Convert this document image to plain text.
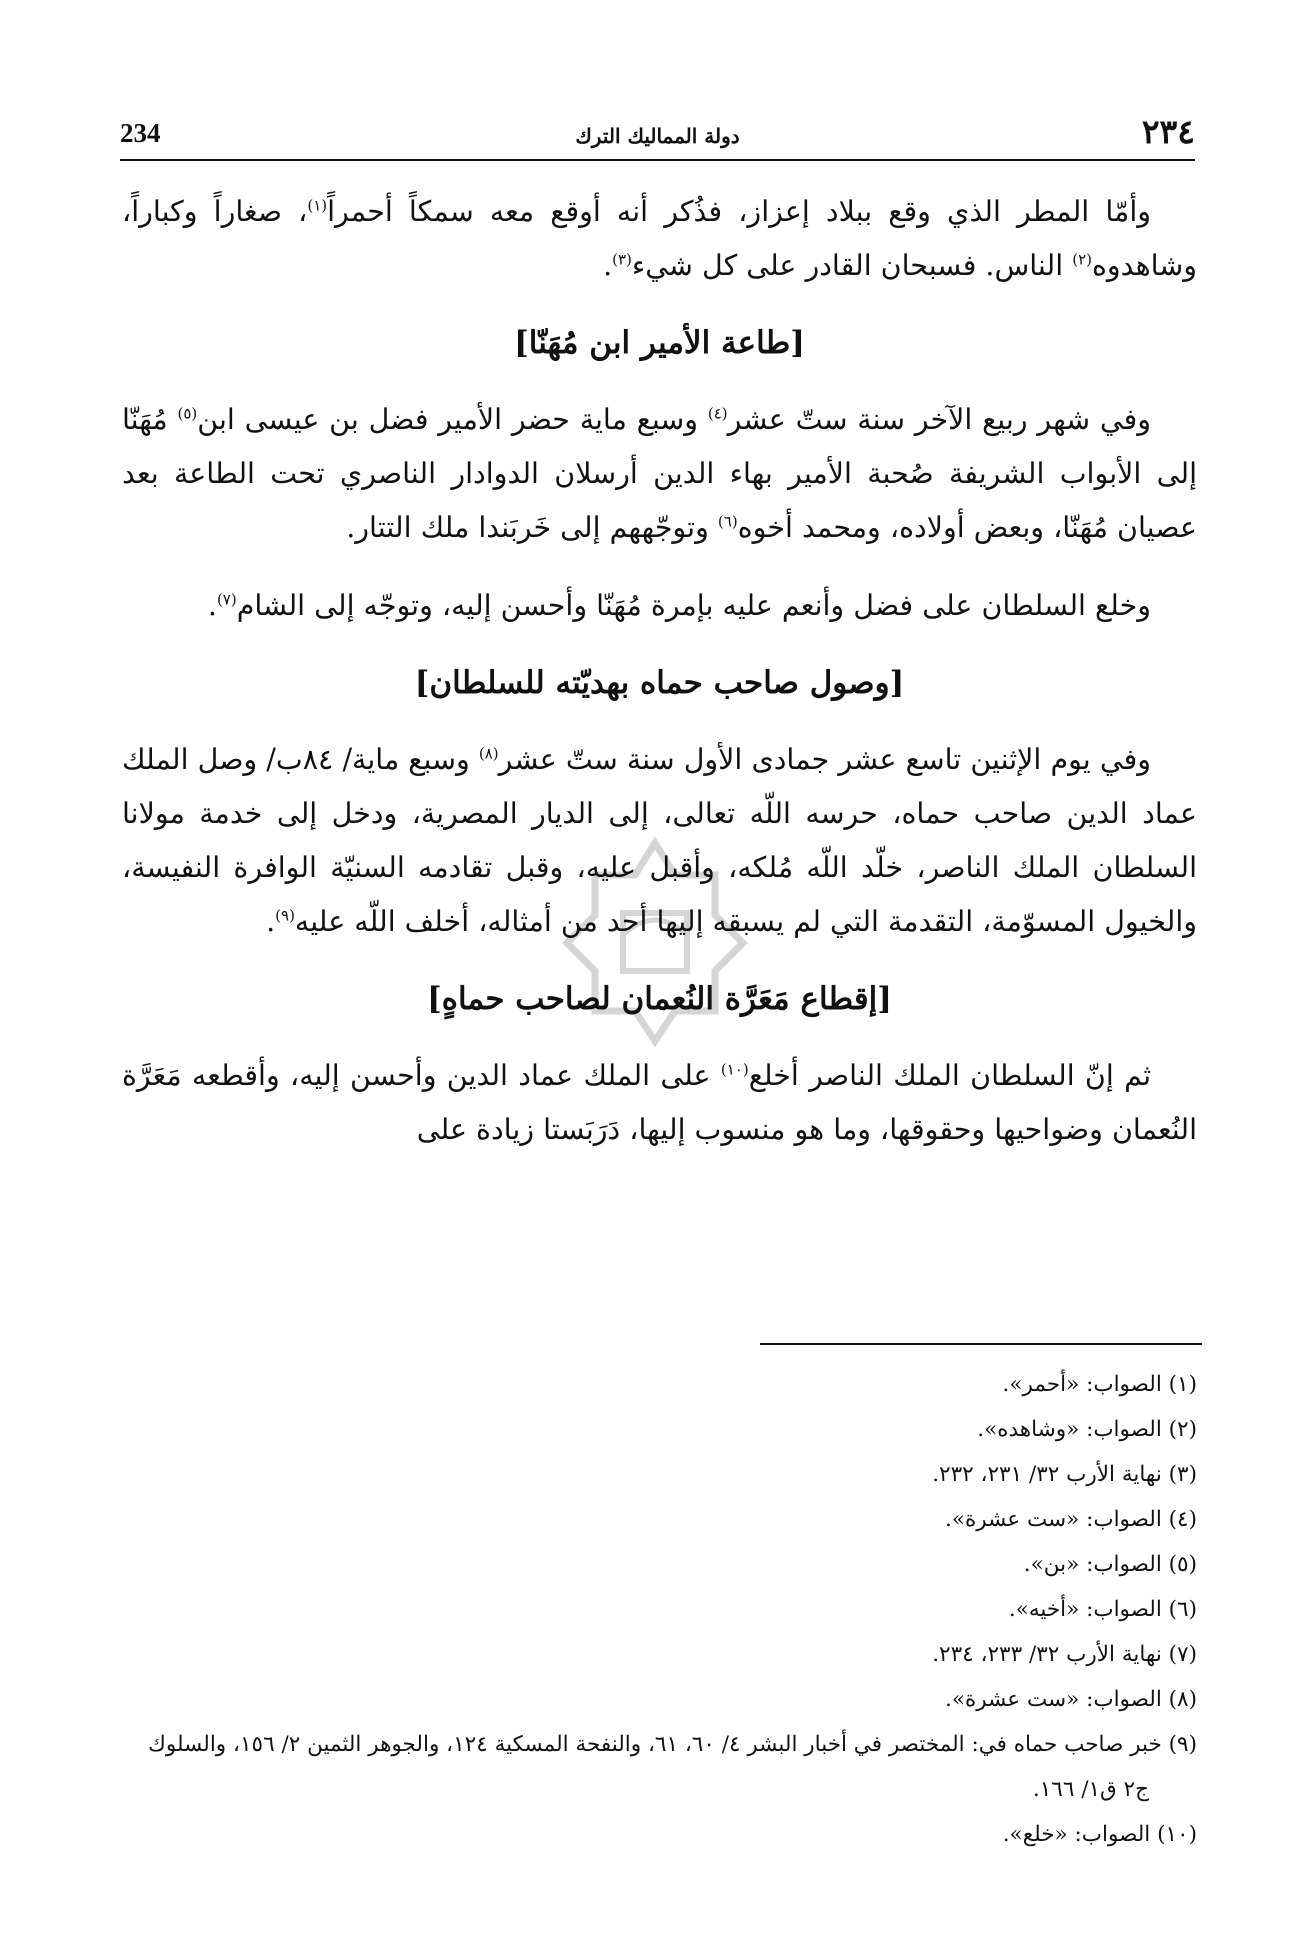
234	دولة المماليك الترك	٢٣٤

وأمّا المطر الذي وقع ببلاد إعزاز، فذُكر أنه أوقع معه سمكاً أحمراً$^{(١)}$، صغاراً وكباراً، وشاهدوه$^{(٢)}$ الناس. فسبحان القادر على كل شيء$^{(٣)}$.

[طاعة الأمير ابن مُهَنّا]

وفي شهر ربيع الآخر سنة ستّ عشر$^{(٤)}$ وسبع ماية حضر الأمير فضل بن عيسى ابن$^{(٥)}$ مُهَنّا إلى الأبواب الشريفة صُحبة الأمير بهاء الدين أرسلان الدوادار الناصري تحت الطاعة بعد عصيان مُهَنّا، وبعض أولاده، ومحمد أخوه$^{(٦)}$ وتوجّههم إلى خَربَندا ملك التتار.

وخلع السلطان على فضل وأنعم عليه بإمرة مُهَنّا وأحسن إليه، وتوجّه إلى الشام$^{(٧)}$.

[وصول صاحب حماه بهديّته للسلطان]

وفي يوم الإثنين تاسع عشر جمادى الأول سنة ستّ عشر$^{(٨)}$ وسبع ماية/ ٨٤ب/ وصل الملك عماد الدين صاحب حماه، حرسه اللّه تعالى، إلى الديار المصرية، ودخل إلى خدمة مولانا السلطان الملك الناصر، خلّد اللّه مُلكه، وأقبل عليه، وقبل تقادمه السنيّة الوافرة النفيسة، والخيول المسوّمة، التقدمة التي لم يسبقه إليها أحد من أمثاله، أخلف اللّه عليه$^{(٩)}$.

[إقطاع مَعَرَّة النُعمان لصاحب حماهٍ]

ثم إنّ السلطان الملك الناصر أخلع$^{(١٠)}$ على الملك عماد الدين وأحسن إليه، وأقطعه مَعَرَّة النُعمان وضواحيها وحقوقها، وما هو منسوب إليها، دَرَبَستا زيادة على

(١) الصواب: «أحمر».

(٢) الصواب: «وشاهده».

(٣) نهاية الأرب ٣٢/ ٢٣١، ٢٣٢.

(٤) الصواب: «ست عشرة».

(٥) الصواب: «بن».

(٦) الصواب: «أخيه».

(٧) نهاية الأرب ٣٢/ ٢٣٣، ٢٣٤.

(٨) الصواب: «ست عشرة».

(٩) خبر صاحب حماه في: المختصر في أخبار البشر ٤/ ٦٠، ٦١، والنفحة المسكية ١٢٤، والجوهر الثمين ٢/ ١٥٦، والسلوك ج٢ ق١/ ١٦٦.

(١٠) الصواب: «خلع».
